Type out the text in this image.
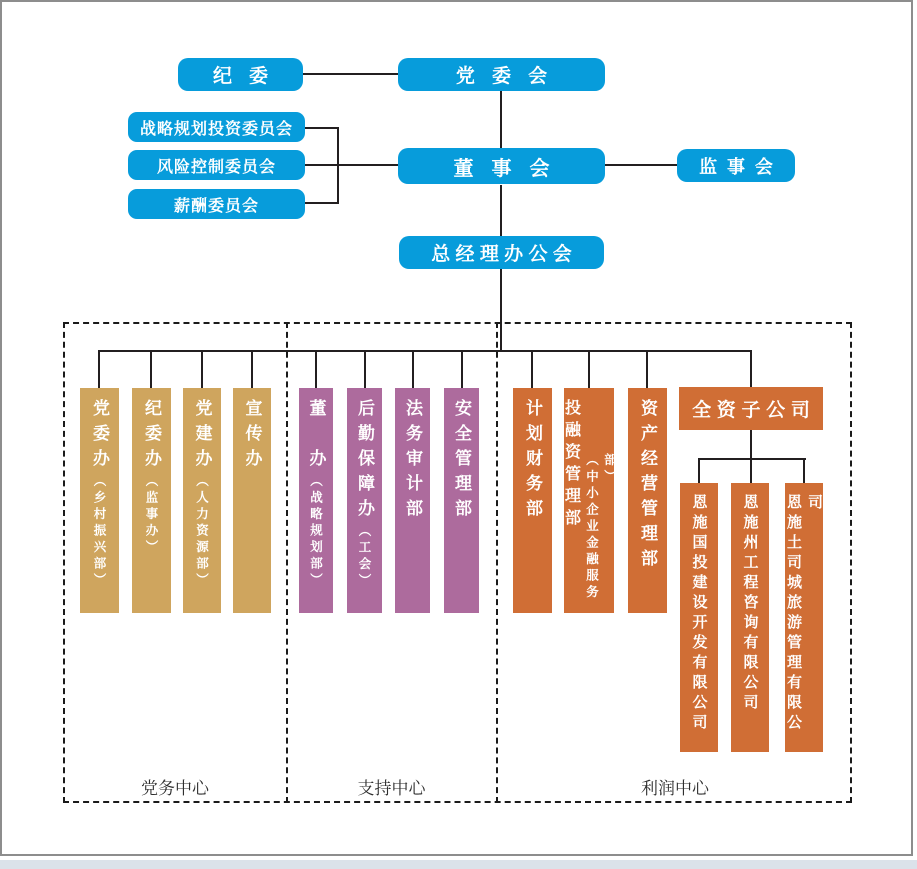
党务中心	支持中心	利润中心
纪委	党委会
战略规划投资委员会
风险控制委员会
薪酬委员会
董事会	监事会
总经理办公会
党委办（乡村振兴部）
纪委办（监事办）
党建办（人力资源部）
宣传办	董　办（战略规划部）
后勤保障办（工会）
法务审计部 安全管理部	计划财务部 投融资管理部 （中小企业金融服务部） 资产经营管理部 全资子公司
恩施国投建设开发有限公司 恩施州工程咨询有限公司 恩施土司城旅游管理有限公司
